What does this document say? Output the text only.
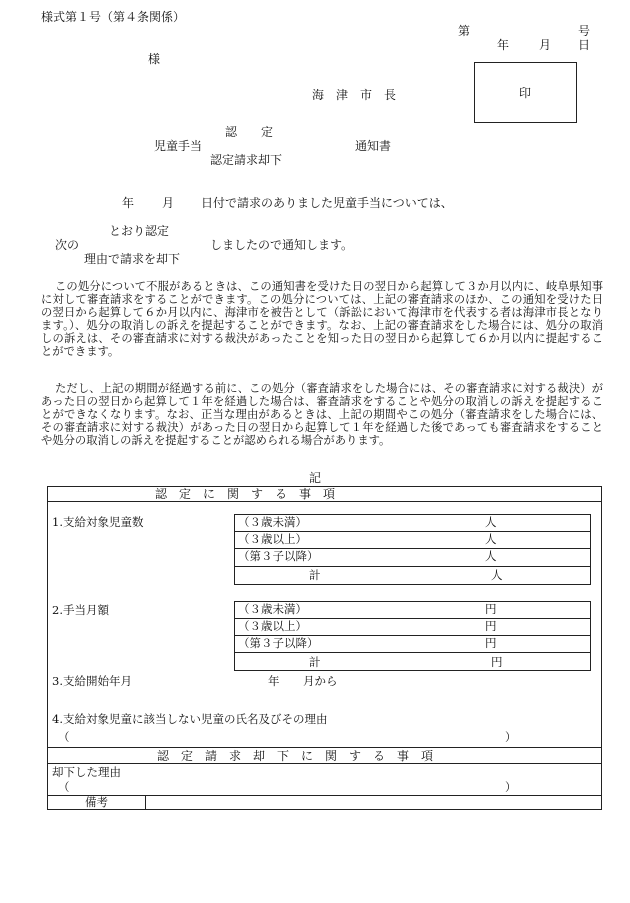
様式第１号（第４条関係）
第	号
年 月 日
様
海　津　市　長	印
認　　定
児童手当	通知書
認定請求却下
年 月 日付で請求のありました児童手当については、
とおり認定
次の	しましたので通知します。
理由で請求を却下
この処分について不服があるときは、この通知書を受けた日の翌日から起算して３か月以内に、岐阜県知事に対して審査請求をすることができます。この処分については、上記の審査請求のほか、この通知を受けた日の翌日から起算して６か月以内に、海津市を被告として（訴訟において海津市を代表する者は海津市長となります。）、処分の取消しの訴えを提起することができます。なお、上記の審査請求をした場合には、処分の取消しの訴えは、その審査請求に対する裁決があったことを知った日の翌日から起算して６か月以内に提起することができます。
ただし、上記の期間が経過する前に、この処分（審査請求をした場合には、その審査請求に対する裁決）があった日の翌日から起算して１年を経過した場合は、審査請求をすることや処分の取消しの訴えを提起することができなくなります。なお、正当な理由があるときは、上記の期間やこの処分（審査請求をした場合には、その審査請求に対する裁決）があった日の翌日から起算して１年を経過した後であっても審査請求をすることや処分の取消しの訴えを提起することが認められる場合があります。
記
認　定　に　関　す　る　事　項
1.支給対象児童数	（３歳未満）	人
（３歳以上）	人
（第３子以降）	人
計	人
2.手当月額	（３歳未満）	円
（３歳以上）	円
（第３子以降）	円
計	円
3.支給開始年月	年 月から
4.支給対象児童に該当しない児童の氏名及びその理由
（	）
認　定　請　求　却　下　に　関　す　る　事　項
却下した理由
（	）
備考
